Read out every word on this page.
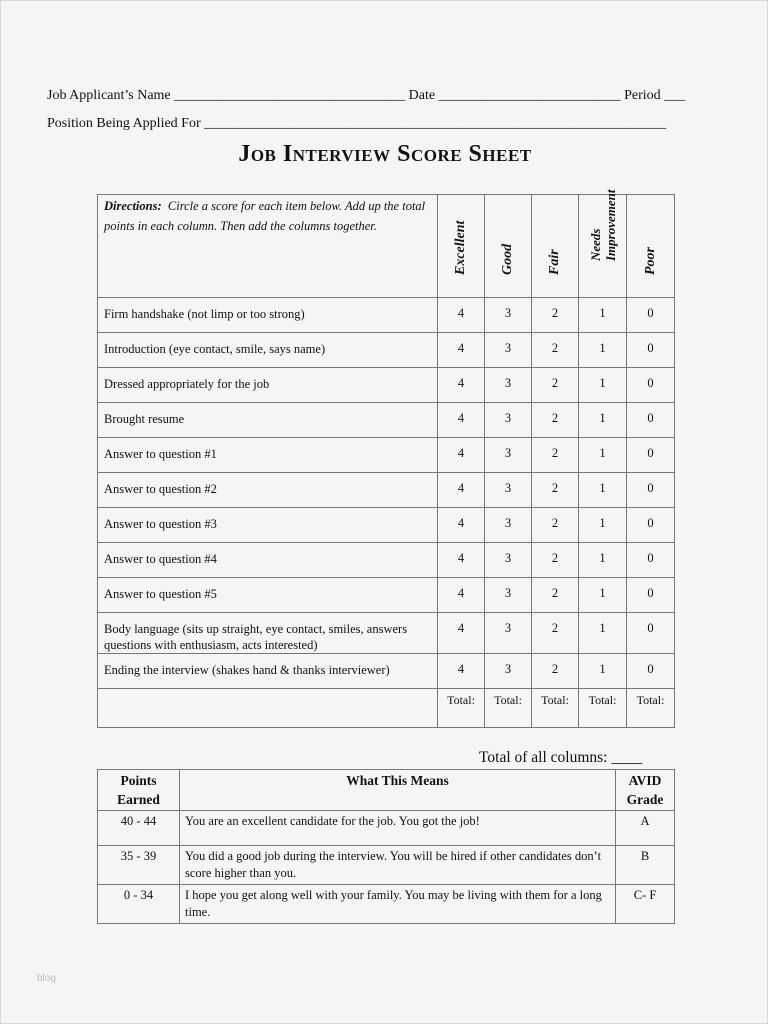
Job Applicant’s Name _________________________________ Date __________________________ Period ___
Position Being Applied For __________________________________________________________________
Job Interview Score Sheet
Directions: Circle a score for each item below. Add up the total points in each column. Then add the columns together.	Excellent	Good	Fair	Needs Improvement	Poor

Firm handshake (not limp or too strong)	4	3	2	1	0
Introduction (eye contact, smile, says name)	4	3	2	1	0
Dressed appropriately for the job	4	3	2	1	0
Brought resume	4	3	2	1	0
Answer to question #1	4	3	2	1	0
Answer to question #2	4	3	2	1	0
Answer to question #3	4	3	2	1	0
Answer to question #4	4	3	2	1	0
Answer to question #5	4	3	2	1	0
Body language (sits up straight, eye contact, smiles, answers questions with enthusiasm, acts interested)	4	3	2	1	0
Ending the interview (shakes hand & thanks interviewer)	4	3	2	1	0
	Total:	Total:	Total:	Total:	Total:
Total of all columns: ____
Points Earned	What This Means	AVID Grade
40 - 44	You are an excellent candidate for the job. You got the job!	A
35 - 39	You did a good job during the interview. You will be hired if other candidates don’t score higher than you.	B
0 - 34	I hope you get along well with your family. You may be living with them for a long time.	C- F
blog
